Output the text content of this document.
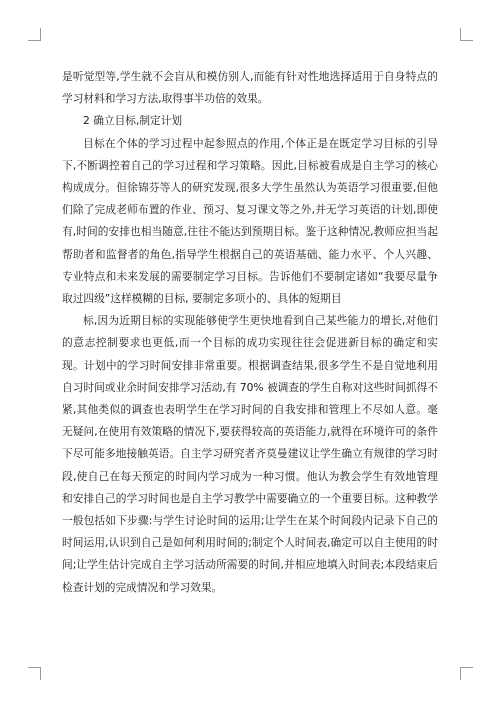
是听觉型等,学生就不会盲从和模仿别人,而能有针对性地选择适用于自身特点的学习材料和学习方法,取得事半功倍的效果。

2 确立目标,制定计划

目标在个体的学习过程中起参照点的作用,个体正是在既定学习目标的引导下,不断调控着自己的学习过程和学习策略。因此,目标被看成是自主学习的核心构成成分。但徐锦芬等人的研究发现,很多大学生虽然认为英语学习很重要,但他们除了完成老师布置的作业、预习、复习课文等之外,并无学习英语的计划,即使有,时间的安排也相当随意,往往不能达到预期目标。鉴于这种情况,教师应担当起帮助者和监督者的角色,指导学生根据自己的英语基础、能力水平、个人兴趣、专业特点和未来发展的需要制定学习目标。告诉他们不要制定诸如“我要尽量争取过四级”这样模糊的目标, 要制定多项小的、具体的短期目

标,因为近期目标的实现能够使学生更快地看到自己某些能力的增长,对他们的意志控制要求也更低,而一个目标的成功实现往往会促进新目标的确定和实现。计划中的学习时间安排非常重要。根据调查结果,很多学生不是自觉地利用自习时间或业余时间安排学习活动,有 70% 被调查的学生自称对这些时间抓得不紧,其他类似的调查也表明学生在学习时间的自我安排和管理上不尽如人意。毫无疑问,在使用有效策略的情况下,要获得较高的英语能力,就得在环境许可的条件下尽可能多地接触英语。自主学习研究者齐莫曼建议让学生确立有规律的学习时段,使自己在每天预定的时间内学习成为一种习惯。他认为教会学生有效地管理和安排自己的学习时间也是自主学习教学中需要确立的一个重要目标。这种教学一般包括如下步骤:与学生讨论时间的运用;让学生在某个时间段内记录下自己的时间运用,认识到自己是如何利用时间的;制定个人时间表,确定可以自主使用的时间;让学生估计完成自主学习活动所需要的时间,并相应地填入时间表;本段结束后检查计划的完成情况和学习效果。
